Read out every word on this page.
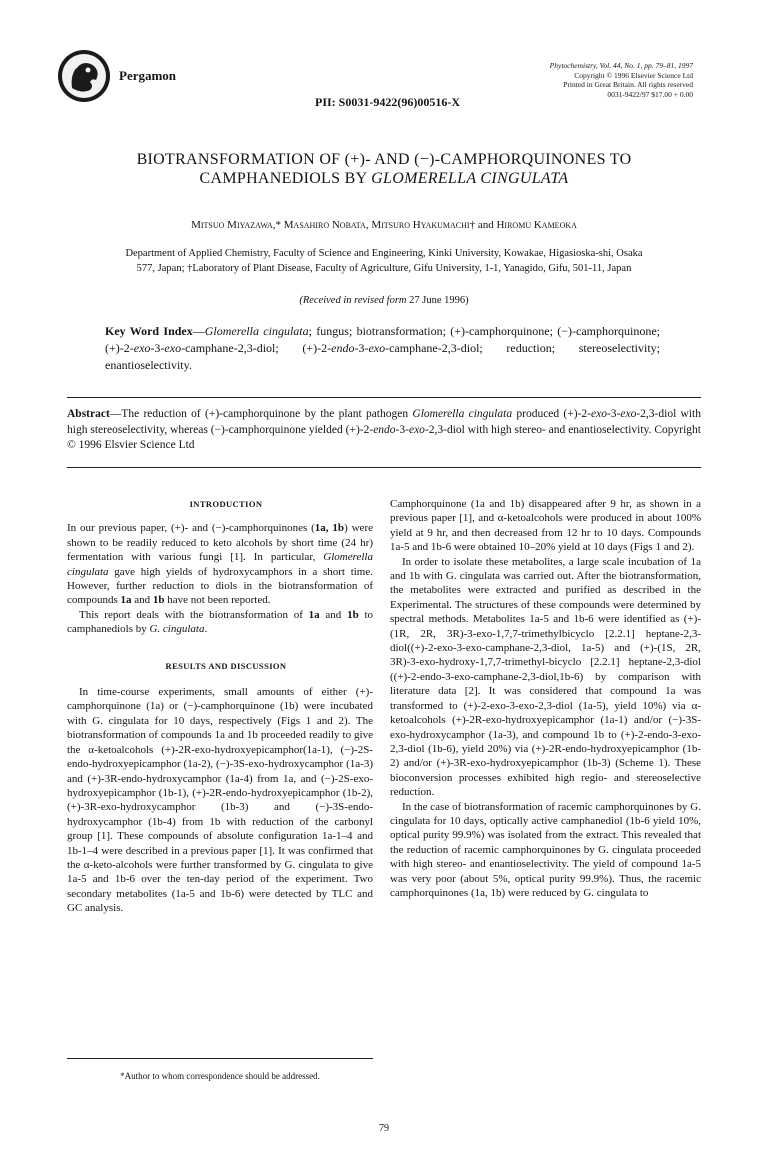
Pergamon
PII: S0031-9422(96)00516-X
Phytochemistry, Vol. 44, No. 1, pp. 79–81, 1997
Copyright © 1996 Elsevier Science Ltd
Printed in Great Britain. All rights reserved
0031-9422/97 $17.00 + 0.00
BIOTRANSFORMATION OF (+)- AND (−)-CAMPHORQUINONES TO
CAMPHANEDIOLS BY GLOMERELLA CINGULATA
Mitsuo Miyazawa,* Masahiro Nobata, Mitsuro Hyakumachi† and Hiromu Kameoka
Department of Applied Chemistry, Faculty of Science and Engineering, Kinki University, Kowakae, Higasioska-shi, Osaka
577, Japan; †Laboratory of Plant Disease, Faculty of Agriculture, Gifu University, 1-1, Yanagido, Gifu, 501-11, Japan
(Received in revised form 27 June 1996)
Key Word Index—Glomerella cingulata; fungus; biotransformation; (+)-camphorquinone; (−)-camphorquinone; (+)-2-exo-3-exo-camphane-2,3-diol; (+)-2-endo-3-exo-camphane-2,3-diol; reduction; stereoselectivity; enantioselectivity.
Abstract—The reduction of (+)-camphorquinone by the plant pathogen Glomerella cingulata produced (+)-2-exo-3-exo-2,3-diol with high stereoselectivity, whereas (−)-camphorquinone yielded (+)-2-endo-3-exo-2,3-diol with high stereo- and enantioselectivity. Copyright © 1996 Elsvier Science Ltd

INTRODUCTION

In our previous paper, (+)- and (−)-camphorquinones (1a, 1b) were shown to be readily reduced to keto alcohols by short time (24 hr) fermentation with various fungi [1]. In particular, Glomerella cingulata gave high yields of hydroxycamphors in a short time. However, further reduction to diols in the biotransformation of compounds 1a and 1b have not been reported.

This report deals with the biotransformation of 1a and 1b to camphanediols by G. cingulata.

RESULTS AND DISCUSSION

In time-course experiments, small amounts of either (+)-camphorquinone (1a) or (−)-camphorquinone (1b) were incubated with G. cingulata for 10 days, respectively (Figs 1 and 2). The biotransformation of compounds 1a and 1b proceeded readily to give the α-ketoalcohols (+)-2R-exo-hydroxyepicamphor(1a-1), (−)-2S-endo-hydroxyepicamphor (1a-2), (−)-3S-exo-hydroxycamphor (1a-3) and (+)-3R-endo-hydroxycamphor (1a-4) from 1a, and (−)-2S-exo-hydroxyepicamphor (1b-1), (+)-2R-endo-hydroxyepicamphor (1b-2), (+)-3R-exo-hydroxycamphor (1b-3) and (−)-3S-endo-hydroxycamphor (1b-4) from 1b with reduction of the carbonyl group [1]. These compounds of absolute configuration 1a-1–4 and 1b-1–4 were described in a previous paper [1]. It was confirmed that the α-keto-alcohols were further transformed by G. cingulata to give 1a-5 and 1b-6 over the ten-day period of the experiment. Two secondary metabolites (1a-5 and 1b-6) were detected by TLC and GC analysis.

Camphorquinone (1a and 1b) disappeared after 9 hr, as shown in a previous paper [1], and α-ketoalcohols were produced in about 100% yield at 9 hr, and then decreased from 12 hr to 10 days. Compounds 1a-5 and 1b-6 were obtained 10–20% yield at 10 days (Figs 1 and 2).

In order to isolate these metabolites, a large scale incubation of 1a and 1b with G. cingulata was carried out. After the biotransformation, the metabolites were extracted and purified as described in the Experimental. The structures of these compounds were determined by spectral methods. Metabolites 1a-5 and 1b-6 were identified as (+)-(1R, 2R, 3R)-3-exo-1,7,7-trimethylbicyclo [2.2.1] heptane-2,3-diol((+)-2-exo-3-exo-camphane-2,3-diol, 1a-5) and (+)-(1S, 2R, 3R)-3-exo-hydroxy-1,7,7-trimethyl-bicyclo [2.2.1] heptane-2,3-diol ((+)-2-endo-3-exo-camphane-2,3-diol,1b-6) by comparison with literature data [2]. It was considered that compound 1a was transformed to (+)-2-exo-3-exo-2,3-diol (1a-5), yield 10%) via α-ketoalcohols (+)-2R-exo-hydroxyepicamphor (1a-1) and/or (−)-3S-exo-hydroxycamphor (1a-3), and compound 1b to (+)-2-endo-3-exo-2,3-diol (1b-6), yield 20%) via (+)-2R-endo-hydroxyepicamphor (1b-2) and/or (+)-3R-exo-hydroxyepicamphor (1b-3) (Scheme 1). These bioconversion processes exhibited high regio- and stereoselective reduction.

In the case of biotransformation of racemic camphorquinones by G. cingulata for 10 days, optically active camphanediol (1b-6 yield 10%, optical purity 99.9%) was isolated from the extract. This revealed that the reduction of racemic camphorquinones by G. cingulata proceeded with high stereo- and enantioselectivity. The yield of compound 1a-5 was very poor (about 5%, optical purity 99.9%). Thus, the racemic camphorquinones (1a, 1b) were reduced by G. cingulata to

*Author to whom correspondence should be addressed.
79
